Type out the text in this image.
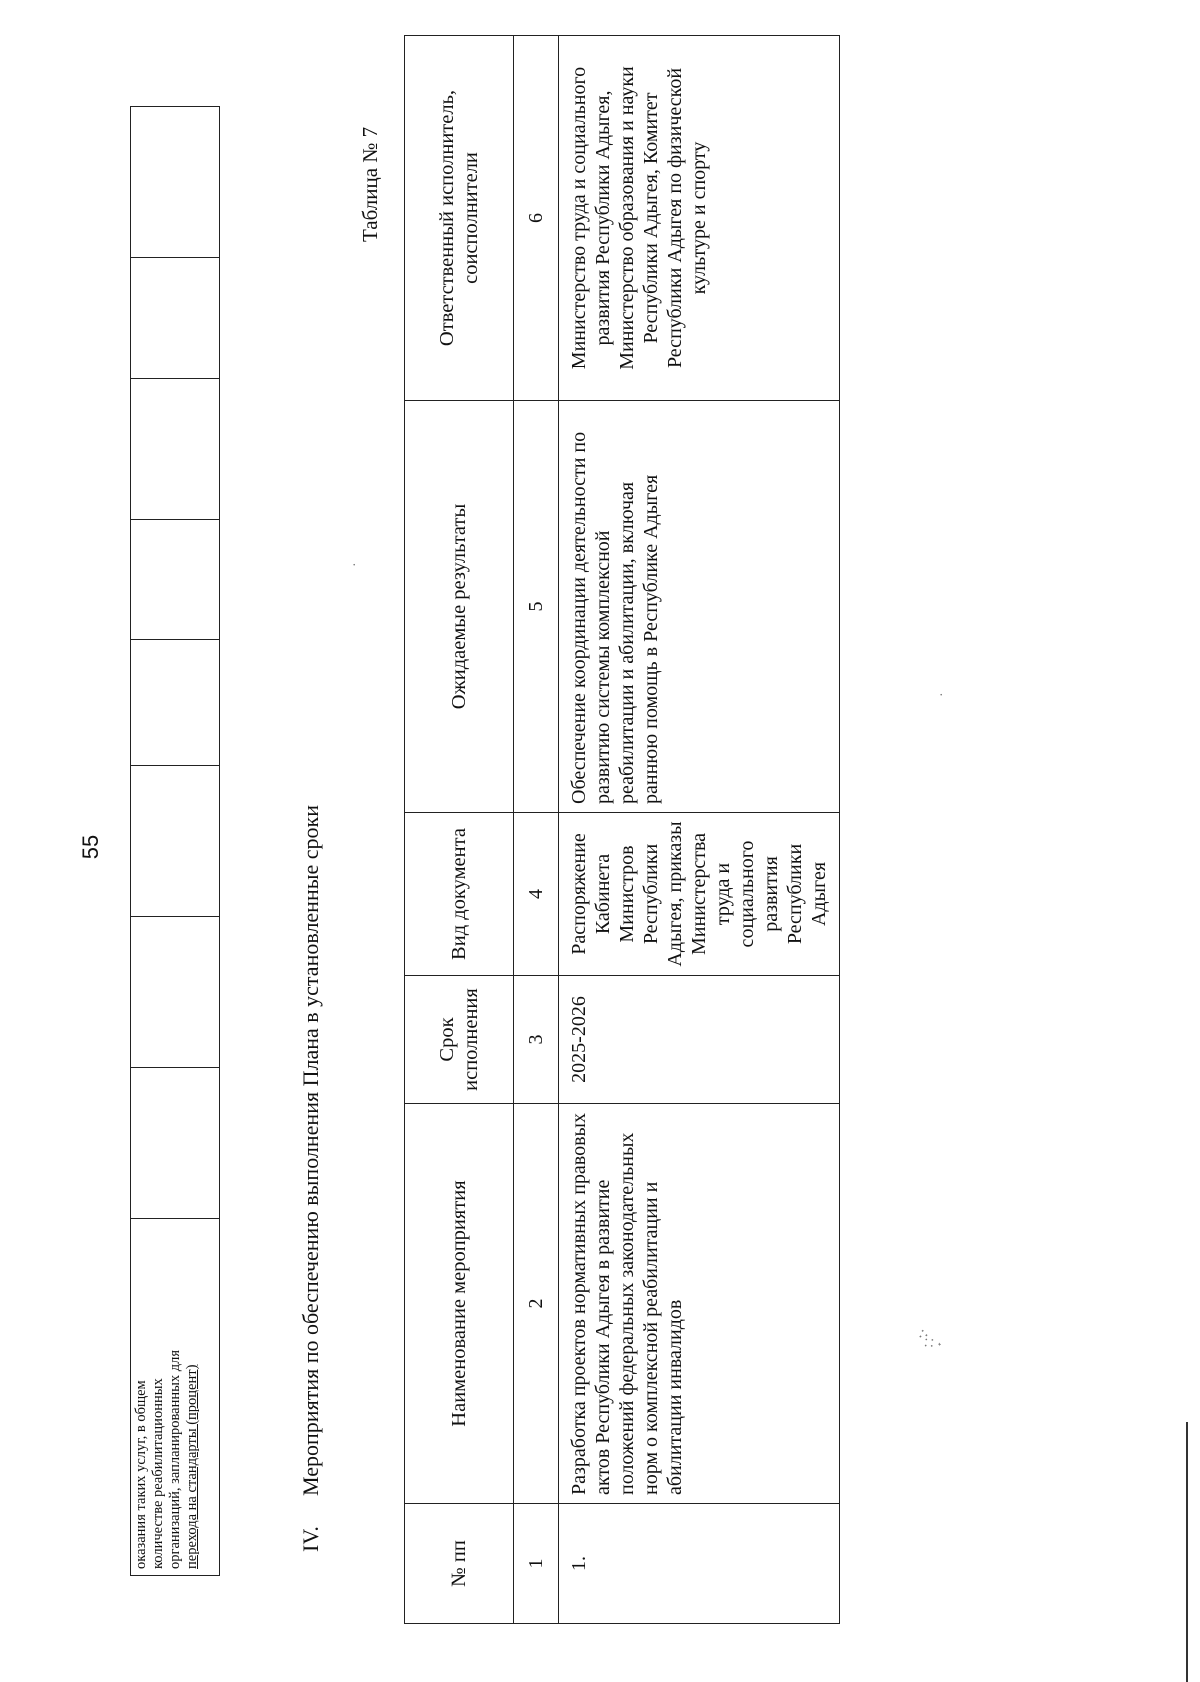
55
оказания таких услуг, в общем количестве реабилитационных организаций, запланированных для перехода на стандарты (процент)
									IV.Мероприятия по обеспечению выполнения Плана в установленные сроки
Таблица № 7
№ пп	Наименование мероприятия	Срок исполнения	Вид документа	Ожидаемые результаты	Ответственный исполнитель, соисполнители
1	2	3	4	5	6
1.	Разработка проектов нормативных правовых актов Республики Адыгея в развитие положений федеральных законодательных норм о комплексной реабилитации и абилитации инвалидов	2025-2026	Распоряжение Кабинета Министров Республики Адыгея, приказы Министерства труда и социального развития Республики Адыгея	Обеспечение координации деятельности по развитию системы комплексной реабилитации и абилитации, включая раннюю помощь в Республике Адыгея	Министерство труда и социального развития Республики Адыгея, Министерство образования и науки Республики Адыгея, Комитет Республики Адыгея по физической культуре и спорту
⸼⁘∴
·
·
